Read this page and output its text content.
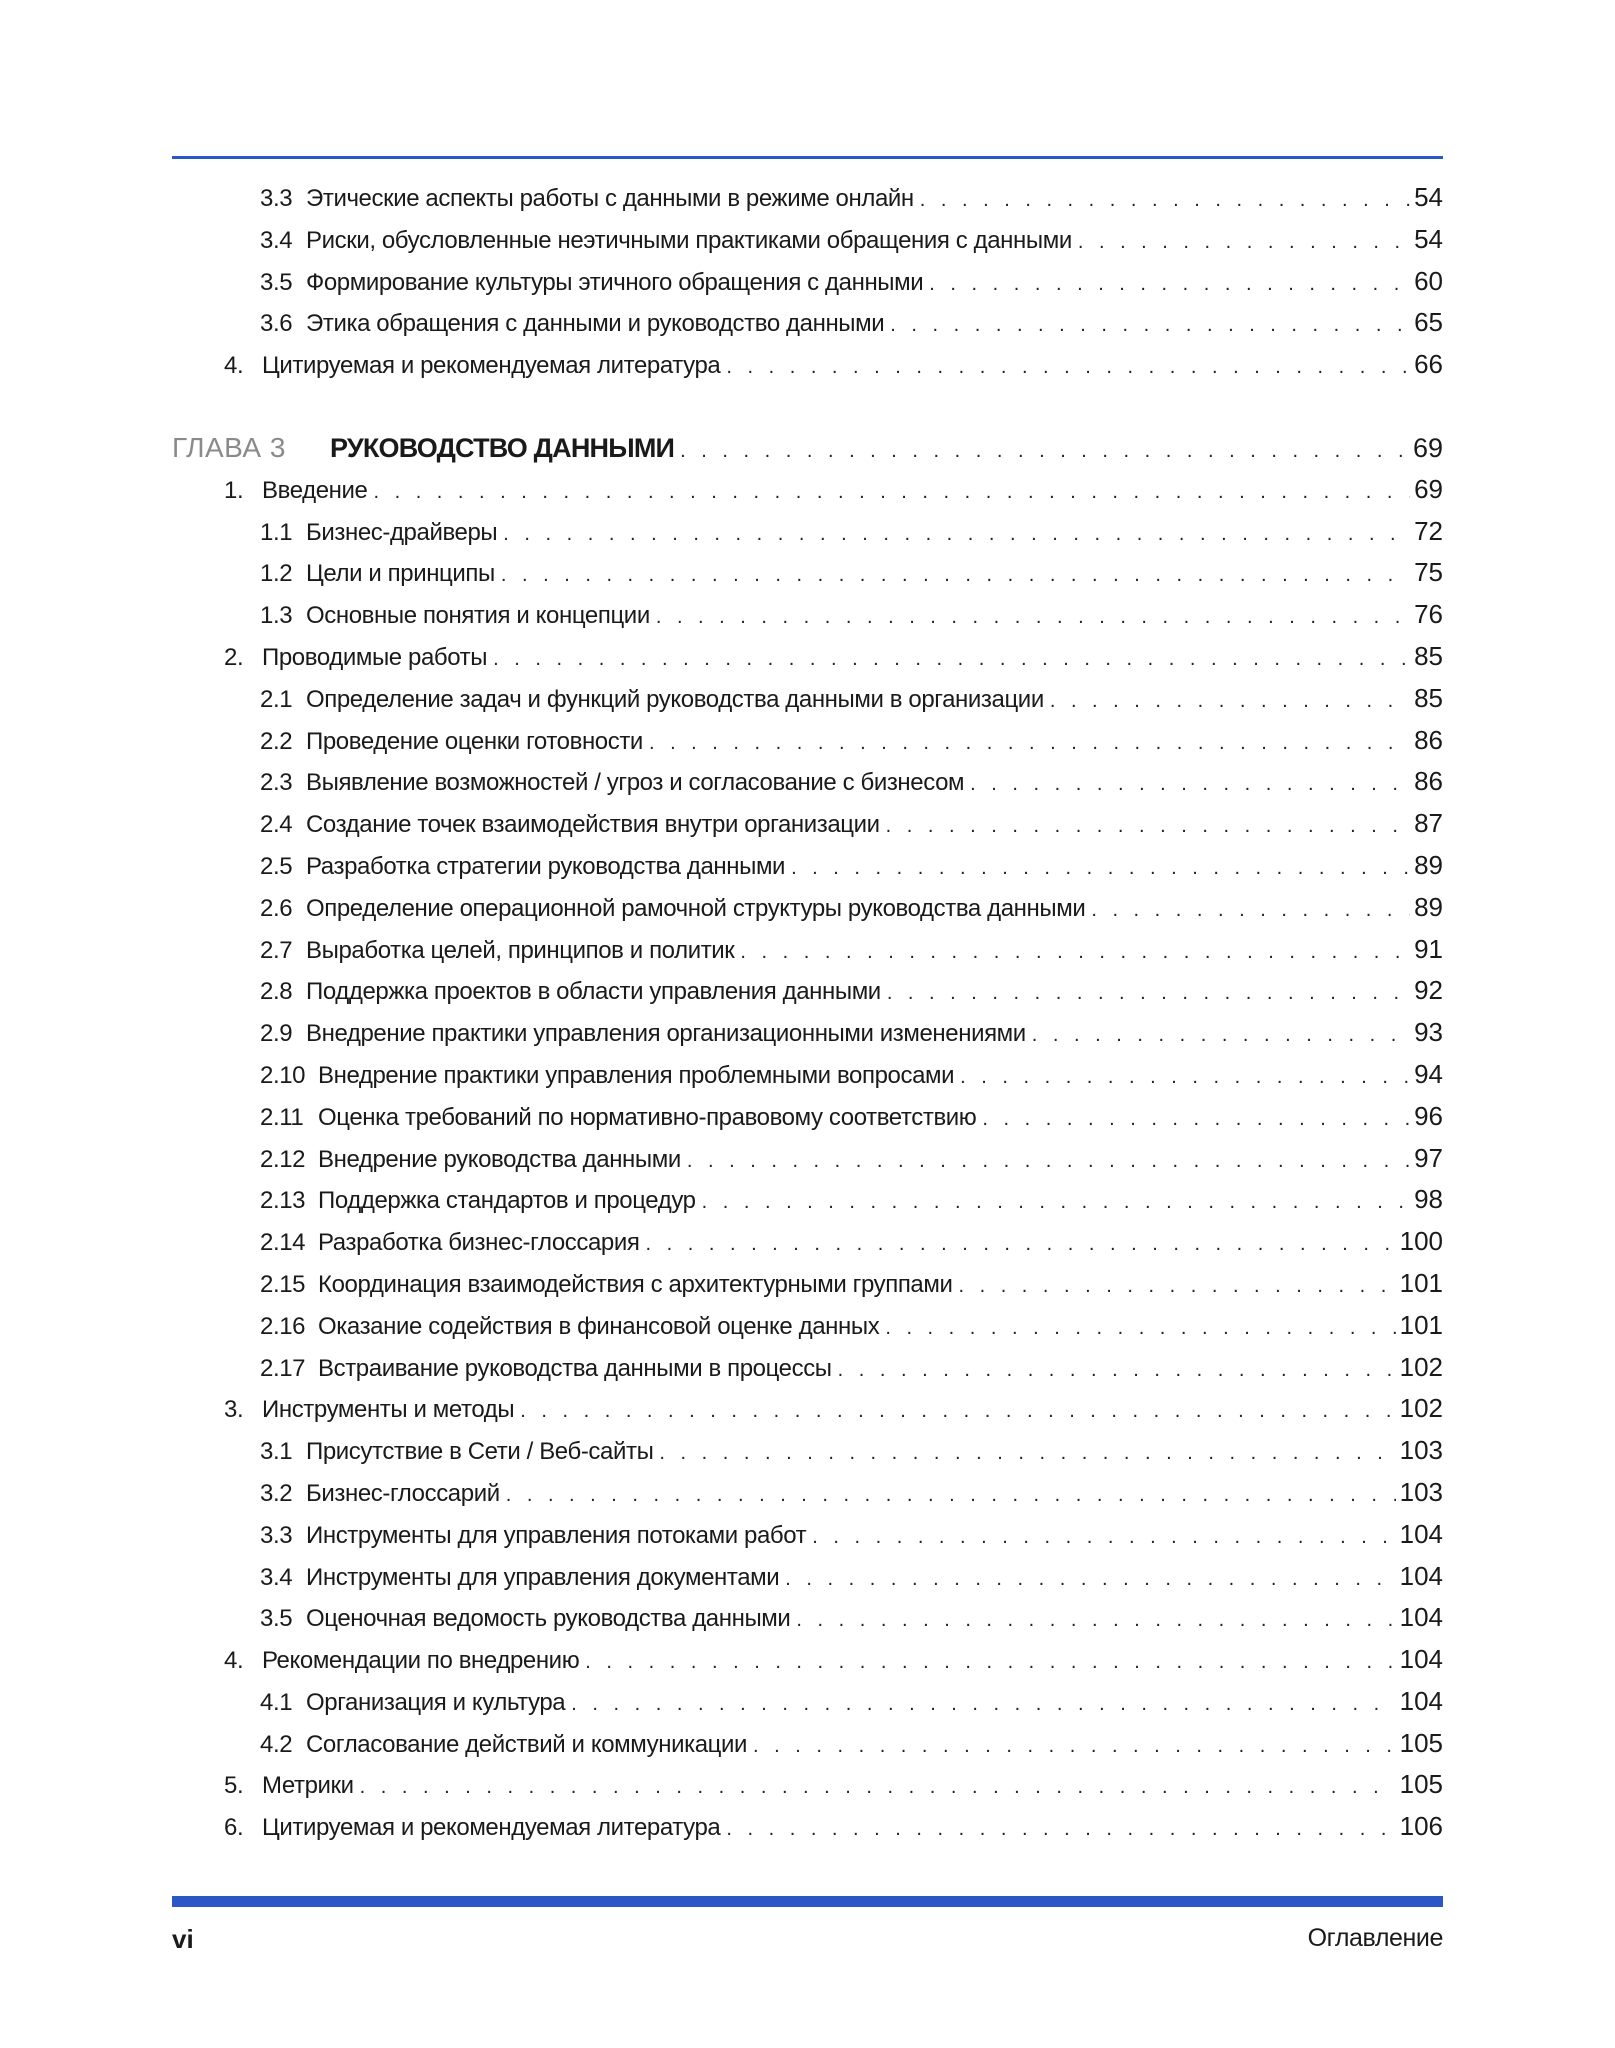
3.3 Этические аспекты работы с данными в режиме онлайн . . .	54
3.4 Риски, обусловленные неэтичными практиками обращения с данными . . .	54
3.5 Формирование культуры этичного обращения с данными . . .	60
3.6 Этика обращения с данными и руководство данными . . .	65
4. Цитируемая и рекомендуемая литература . . .	66
ГЛАВА 3	РУКОВОДСТВО ДАННЫМИ . . .	69
1. Введение . . .	69
1.1 Бизнес-драйверы . . .	72
1.2 Цели и принципы . . .	75
1.3 Основные понятия и концепции . . .	76
2. Проводимые работы . . .	85
2.1 Определение задач и функций руководства данными в организации . . .	85
2.2 Проведение оценки готовности . . .	86
2.3 Выявление возможностей / угроз и согласование с бизнесом . . .	86
2.4 Создание точек взаимодействия внутри организации . . .	87
2.5 Разработка стратегии руководства данными . . .	89
2.6 Определение операционной рамочной структуры руководства данными . . .	89
2.7 Выработка целей, принципов и политик . . .	91
2.8 Поддержка проектов в области управления данными . . .	92
2.9 Внедрение практики управления организационными изменениями . . .	93
2.10 Внедрение практики управления проблемными вопросами . . .	94
2.11 Оценка требований по нормативно-правовому соответствию . . .	96
2.12 Внедрение руководства данными . . .	97
2.13 Поддержка стандартов и процедур . . .	98
2.14 Разработка бизнес-глоссария . . .	100
2.15 Координация взаимодействия с архитектурными группами . . .	101
2.16 Оказание содействия в финансовой оценке данных . . .	101
2.17 Встраивание руководства данными в процессы . . .	102
3. Инструменты и методы . . .	102
3.1 Присутствие в Сети / Веб-сайты . . .	103
3.2 Бизнес-глоссарий . . .	103
3.3 Инструменты для управления потоками работ . . .	104
3.4 Инструменты для управления документами . . .	104
3.5 Оценочная ведомость руководства данными . . .	104
4. Рекомендации по внедрению . . .	104
4.1 Организация и культура . . .	104
4.2 Согласование действий и коммуникации . . .	105
5. Метрики . . .	105
6. Цитируемая и рекомендуемая литература . . .	106
vi	Оглавление
